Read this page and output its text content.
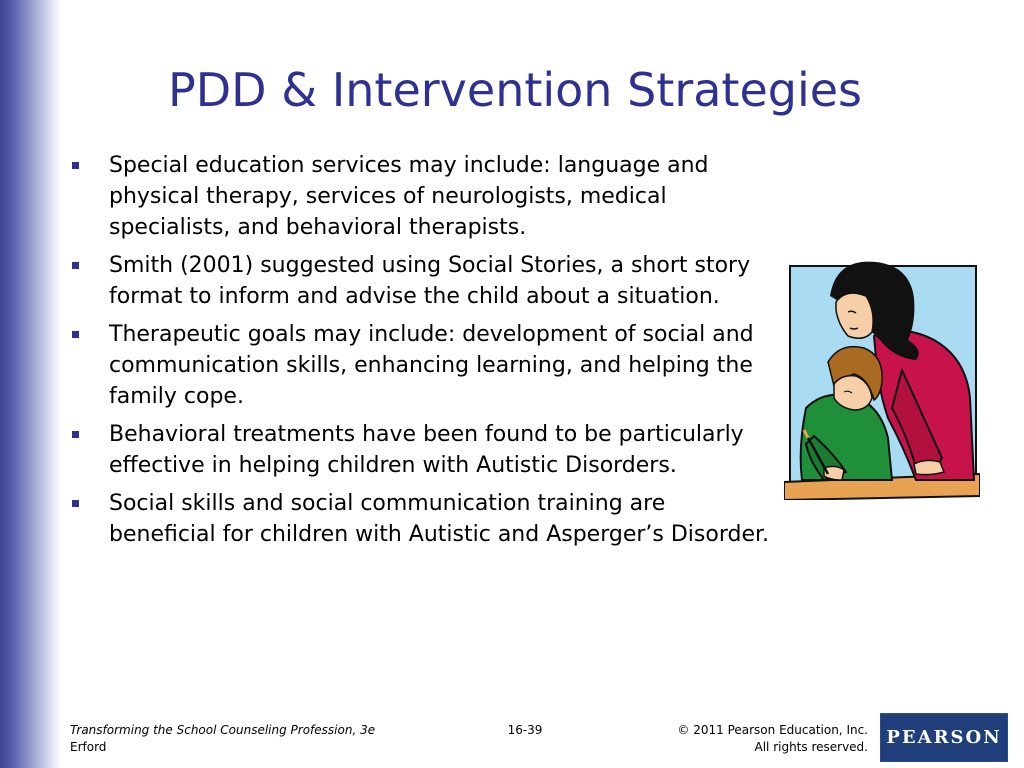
PDD & Intervention Strategies
Special education services may include: language and physical therapy, services of neurologists, medical specialists, and behavioral therapists.
Smith (2001) suggested using Social Stories, a short story format to inform and advise the child about a situation.
Therapeutic goals may include: development of social and communication skills, enhancing learning, and helping the family cope.
Behavioral treatments have been found to be particularly effective in helping children with Autistic Disorders.
Social skills and social communication training are beneficial for children with Autistic and Asperger’s Disorder.
Transforming the School Counseling Profession, 3e
Erford
16-39	© 2011 Pearson Education, Inc.
All rights reserved. PEARSON
